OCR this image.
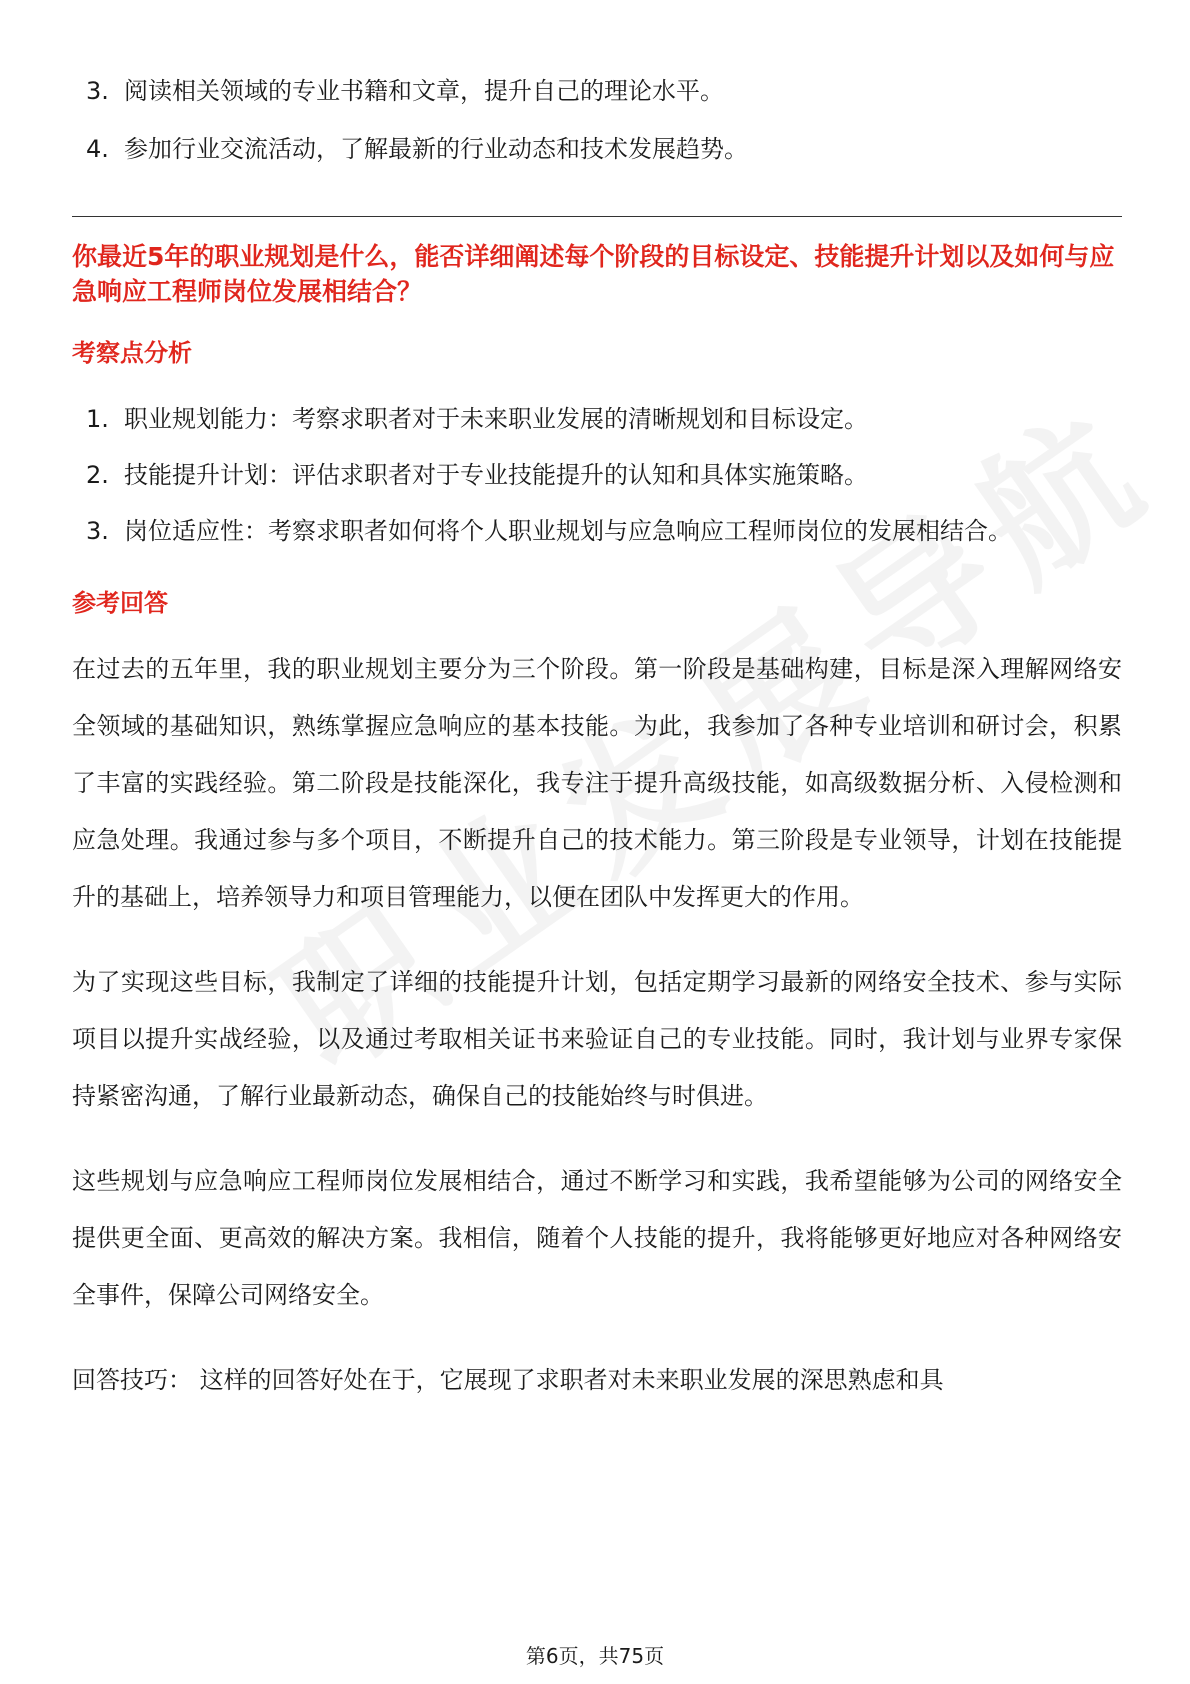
3. 阅读相关领域的专业书籍和文章，提升自己的理论水平。
4. 参加行业交流活动，了解最新的行业动态和技术发展趋势。
你最近5年的职业规划是什么，能否详细阐述每个阶段的目标设定、技能提升计划以及如何与应急响应工程师岗位发展相结合？
考察点分析
1. 职业规划能力：考察求职者对于未来职业发展的清晰规划和目标设定。
2. 技能提升计划：评估求职者对于专业技能提升的认知和具体实施策略。
3. 岗位适应性：考察求职者如何将个人职业规划与应急响应工程师岗位的发展相结合。
参考回答

在过去的五年里，我的职业规划主要分为三个阶段。第一阶段是基础构建，目标是深入理解网络安全领域的基础知识，熟练掌握应急响应的基本技能。为此，我参加了各种专业培训和研讨会，积累了丰富的实践经验。第二阶段是技能深化，我专注于提升高级技能，如高级数据分析、入侵检测和应急处理。我通过参与多个项目，不断提升自己的技术能力。第三阶段是专业领导，计划在技能提升的基础上，培养领导力和项目管理能力，以便在团队中发挥更大的作用。

为了实现这些目标，我制定了详细的技能提升计划，包括定期学习最新的网络安全技术、参与实际项目以提升实战经验，以及通过考取相关证书来验证自己的专业技能。同时，我计划与业界专家保持紧密沟通，了解行业最新动态，确保自己的技能始终与时俱进。

这些规划与应急响应工程师岗位发展相结合，通过不断学习和实践，我希望能够为公司的网络安全提供更全面、更高效的解决方案。我相信，随着个人技能的提升，我将能够更好地应对各种网络安全事件，保障公司网络安全。

回答技巧： 这样的回答好处在于，它展现了求职者对未来职业发展的深思熟虑和具

第6页，共75页
